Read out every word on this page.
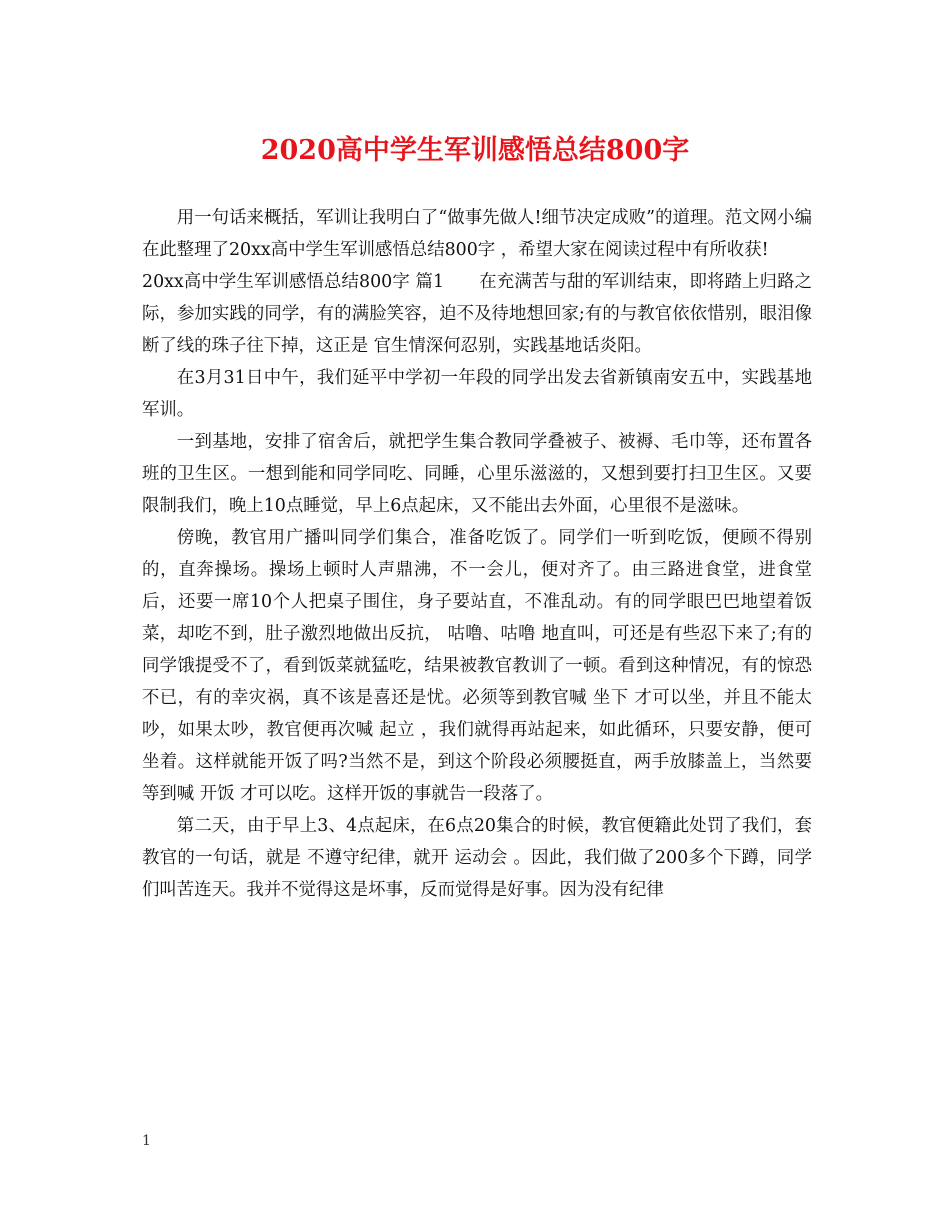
2020高中学生军训感悟总结800字

用一句话来概括，军训让我明白了“做事先做人!细节决定成败”的道理。范文网小编在此整理了20xx高中学生军训感悟总结800字 ，希望大家在阅读过程中有所收获!

20xx高中学生军训感悟总结800字 篇1　　在充满苦与甜的军训结束，即将踏上归路之际，参加实践的同学，有的满脸笑容，迫不及待地想回家;有的与教官依依惜别，眼泪像断了线的珠子往下掉，这正是 官生情深何忍别，实践基地话炎阳。

在3月31日中午，我们延平中学初一年段的同学出发去省新镇南安五中，实践基地军训。

一到基地，安排了宿舍后，就把学生集合教同学叠被子、被褥、毛巾等，还布置各班的卫生区。一想到能和同学同吃、同睡，心里乐滋滋的，又想到要打扫卫生区。又要限制我们，晚上10点睡觉，早上6点起床，又不能出去外面，心里很不是滋味。

傍晚，教官用广播叫同学们集合，准备吃饭了。同学们一听到吃饭，便顾不得别的，直奔操场。操场上顿时人声鼎沸，不一会儿，便对齐了。由三路进食堂，进食堂后，还要一席10个人把桌子围住，身子要站直，不准乱动。有的同学眼巴巴地望着饭菜，却吃不到，肚子激烈地做出反抗， 咕噜、咕噜 地直叫，可还是有些忍下来了;有的同学饿提受不了，看到饭菜就猛吃，结果被教官教训了一顿。看到这种情况，有的惊恐不已，有的幸灾祸，真不该是喜还是忧。必须等到教官喊 坐下 才可以坐，并且不能太吵，如果太吵，教官便再次喊 起立 ，我们就得再站起来，如此循环，只要安静，便可坐着。这样就能开饭了吗?当然不是，到这个阶段必须腰挺直，两手放膝盖上，当然要等到喊 开饭 才可以吃。这样开饭的事就告一段落了。

第二天，由于早上3、4点起床，在6点20集合的时候，教官便籍此处罚了我们，套教官的一句话，就是 不遵守纪律，就开 运动会 。因此，我们做了200多个下蹲，同学们叫苦连天。我并不觉得这是坏事，反而觉得是好事。因为没有纪律

1
